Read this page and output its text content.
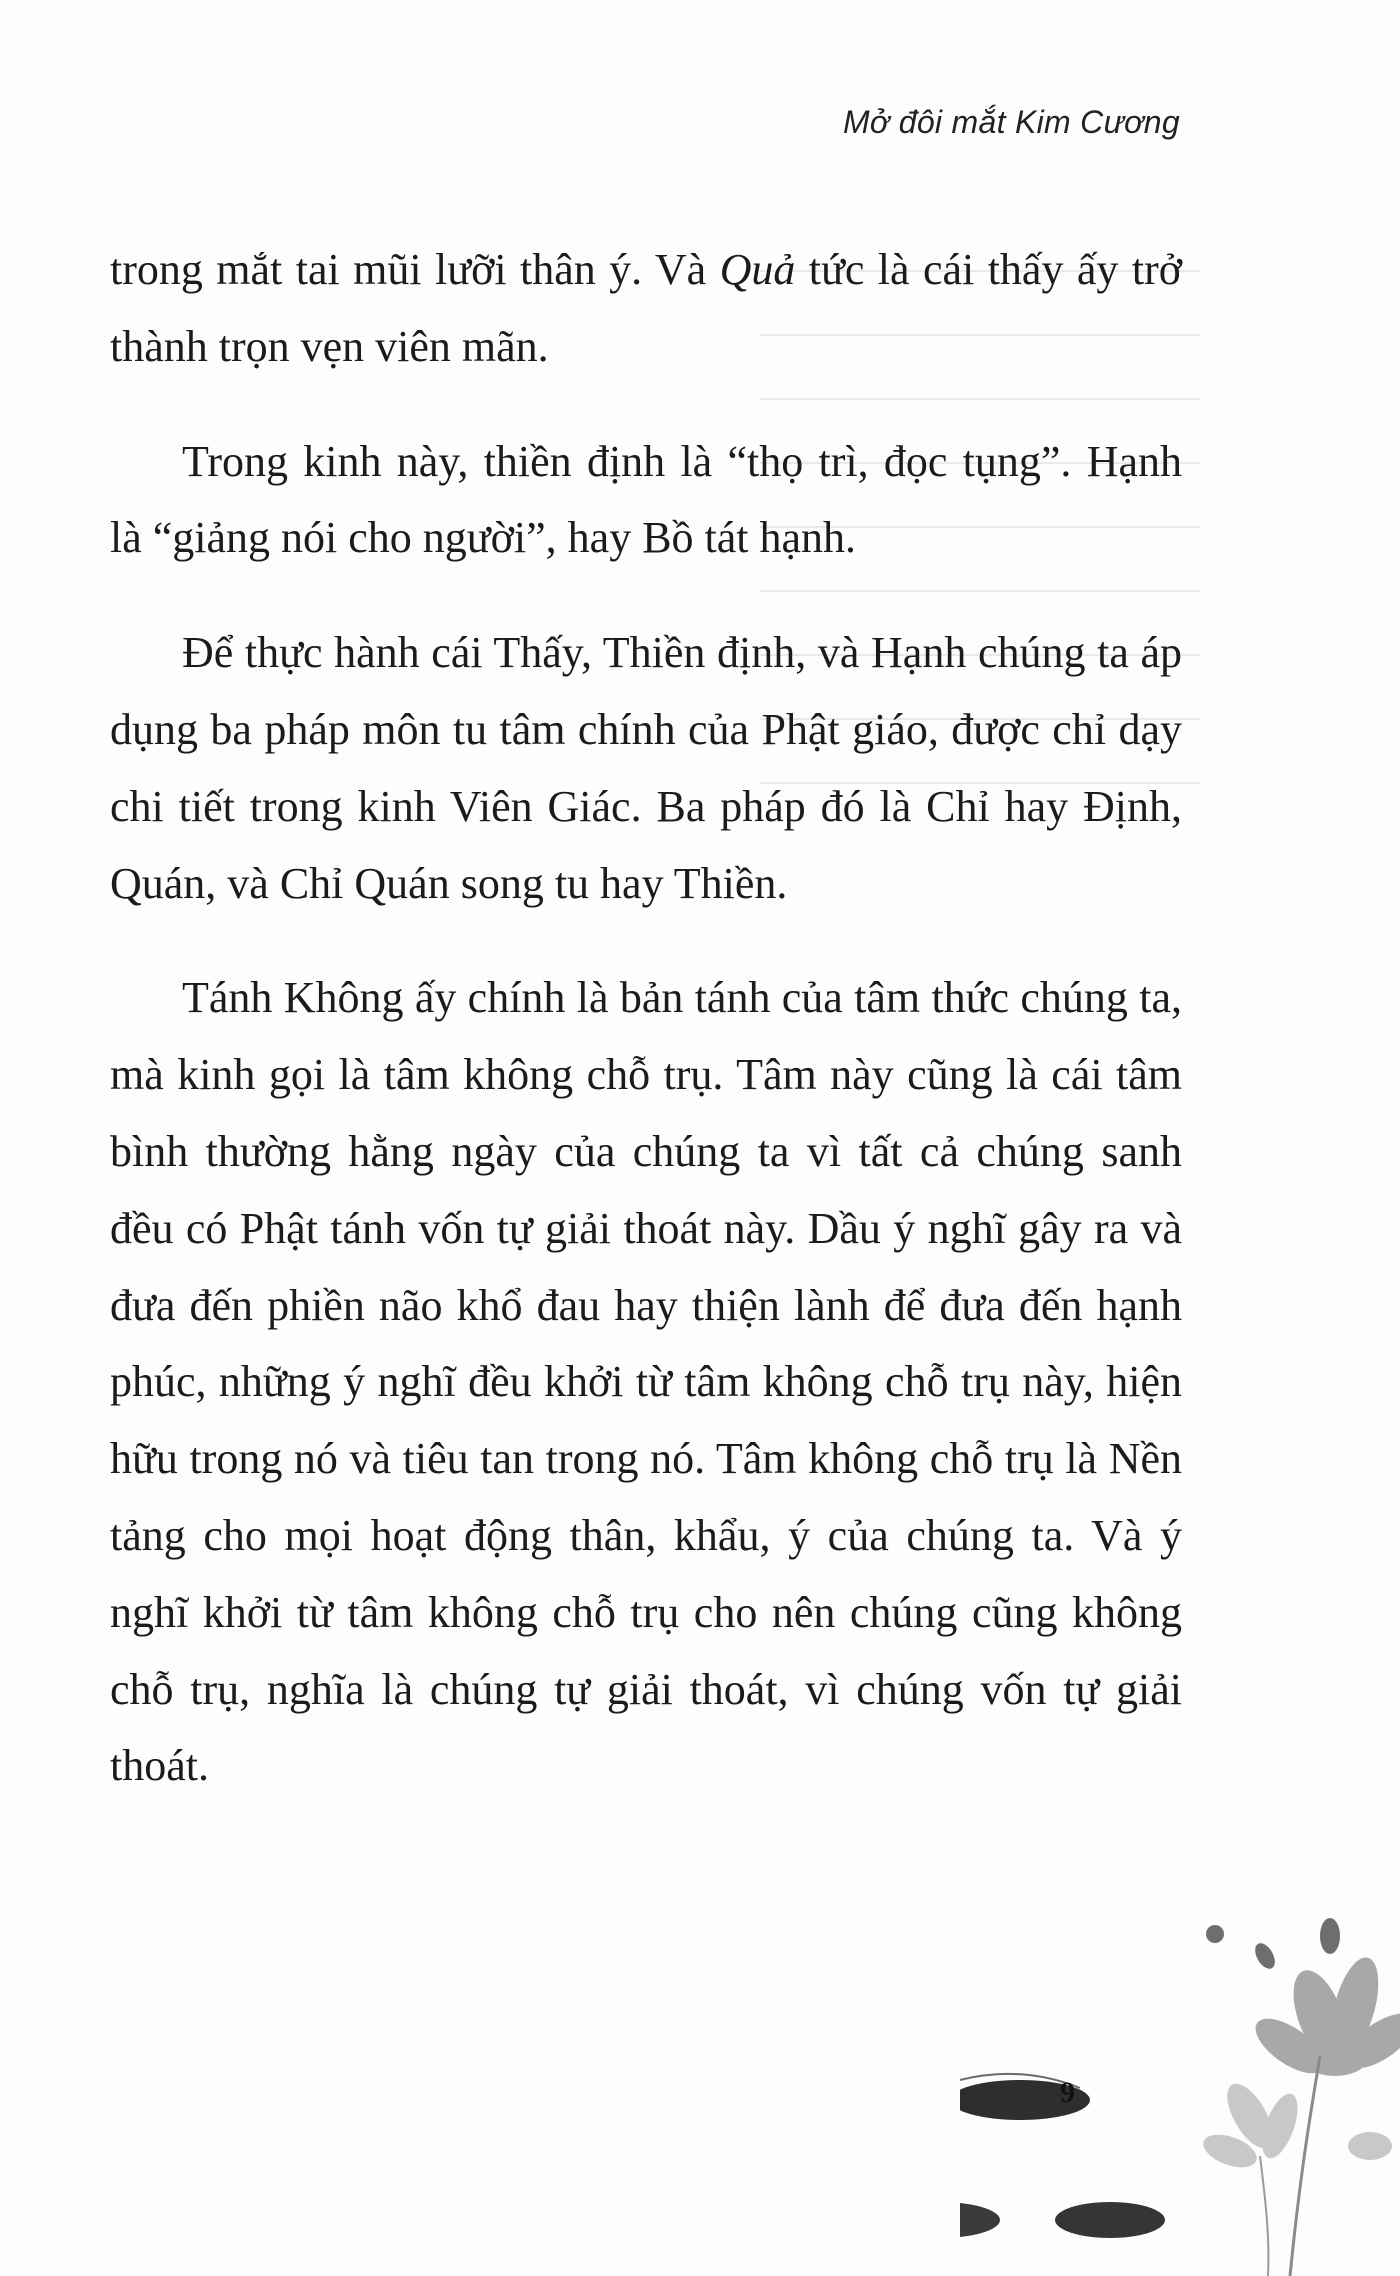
Mở đôi mắt Kim Cương

trong mắt tai mũi lưỡi thân ý. Và Quả tức là cái thấy ấy trở thành trọn vẹn viên mãn.

Trong kinh này, thiền định là “thọ trì, đọc tụng”. Hạnh là “giảng nói cho người”, hay Bồ tát hạnh.

Để thực hành cái Thấy, Thiền định, và Hạnh chúng ta áp dụng ba pháp môn tu tâm chính của Phật giáo, được chỉ dạy chi tiết trong kinh Viên Giác. Ba pháp đó là Chỉ hay Định, Quán, và Chỉ Quán song tu hay Thiền.

Tánh Không ấy chính là bản tánh của tâm thức chúng ta, mà kinh gọi là tâm không chỗ trụ. Tâm này cũng là cái tâm bình thường hằng ngày của chúng ta vì tất cả chúng sanh đều có Phật tánh vốn tự giải thoát này. Dầu ý nghĩ gây ra và đưa đến phiền não khổ đau hay thiện lành để đưa đến hạnh phúc, những ý nghĩ đều khởi từ tâm không chỗ trụ này, hiện hữu trong nó và tiêu tan trong nó. Tâm không chỗ trụ là Nền tảng cho mọi hoạt động thân, khẩu, ý của chúng ta. Và ý nghĩ khởi từ tâm không chỗ trụ cho nên chúng cũng không chỗ trụ, nghĩa là chúng tự giải thoát, vì chúng vốn tự giải thoát.

9
